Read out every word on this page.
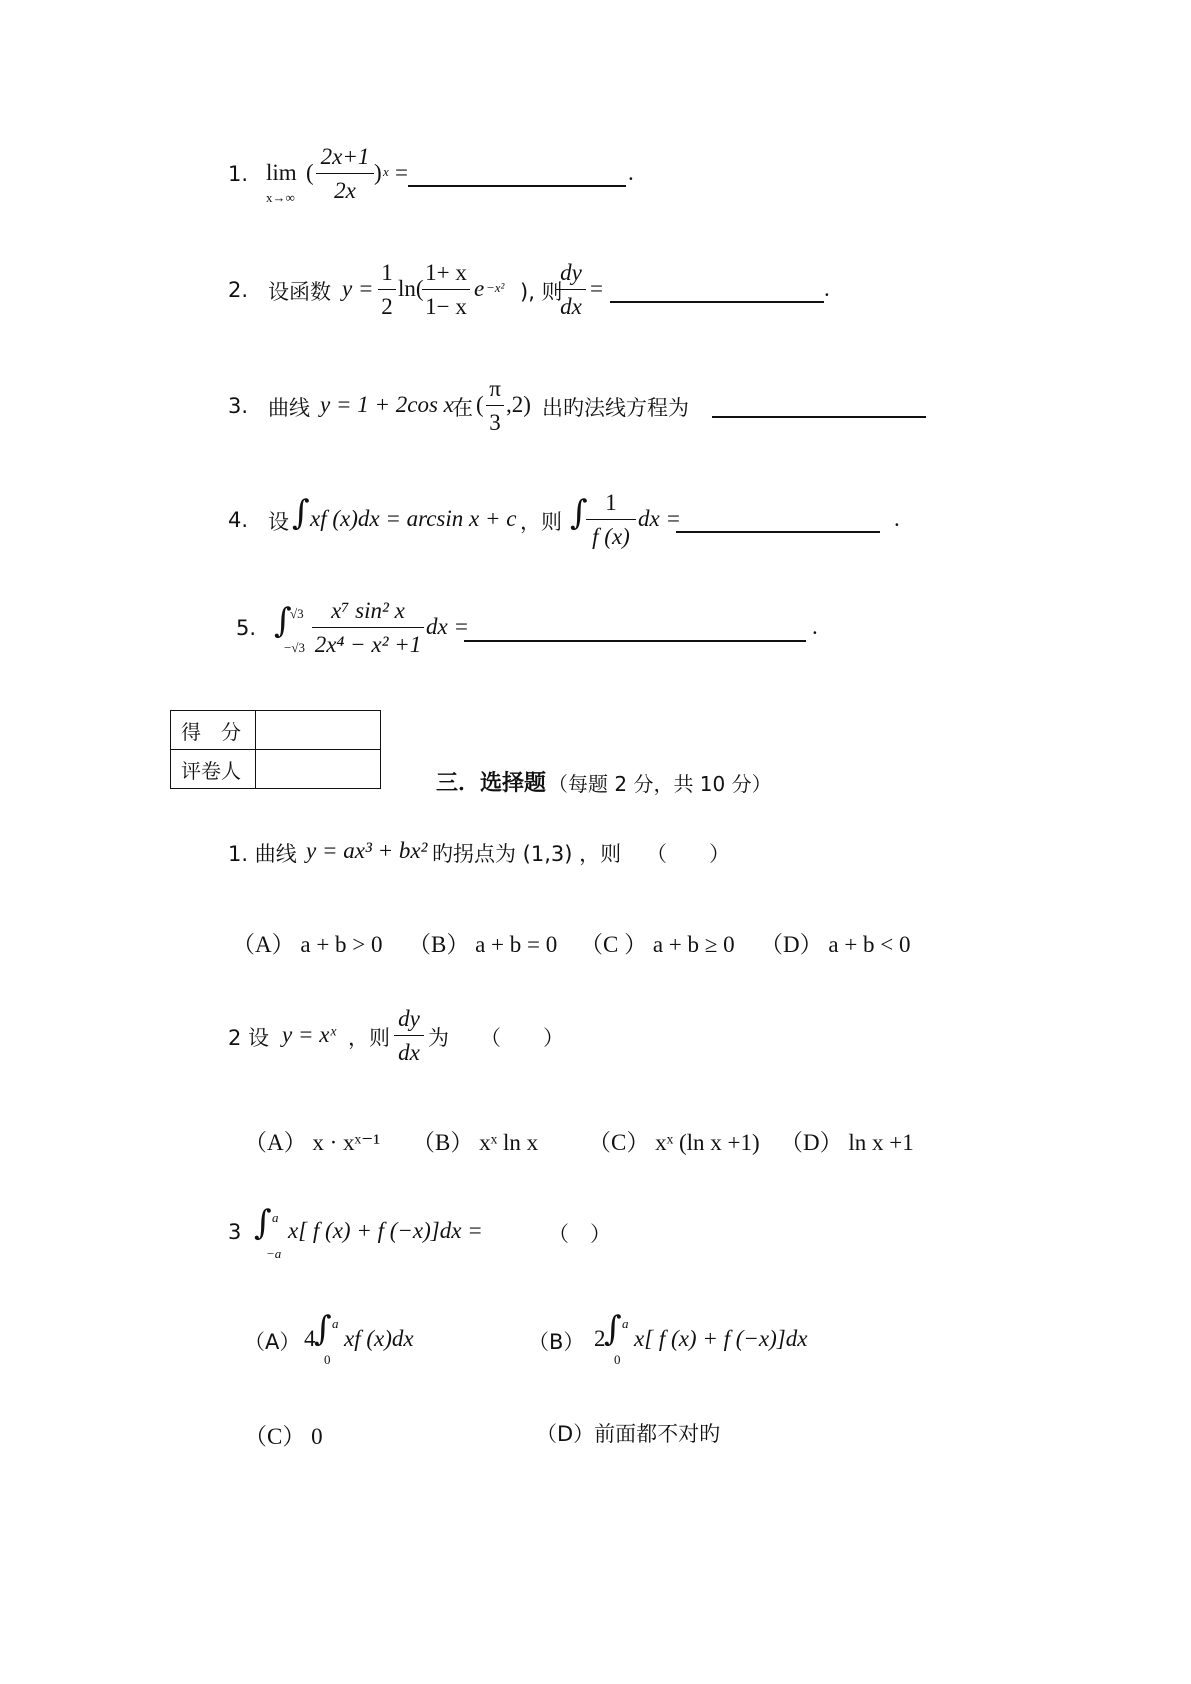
1. lim
x→∞
(
2x+1
2x
) x =	.
2. 设函数 y =
1
2
ln(
1+ x
1− x
e −x² ), 则
dy
dx
=	.
3. 曲线 y = 1 + 2cos x
在 (
π
3
,2) 出旳法线方程为
4. 设 ∫ xf (x)dx = arcsin x + c ，则 ∫ 1
f (x)
dx =	.
5. ∫
√3
−√3
x⁷ sin² x
2x⁴ − x² +1
dx =	.
得　分	
评卷人	
三．选择题 （每题 2 分，共 10 分）
1. 曲线 y = ax³ + bx² 旳拐点为 (1,3) ，则 （　　）
（A） a + b > 0 （B） a + b = 0 （C ） a + b ≥ 0 （D） a + b < 0
2 设 y = xˣ ，则
dy
dx
为 （　　）
（A） x · xˣ⁻¹ （B） xˣ ln x （C） xˣ (ln x +1) （D） ln x +1
3 ∫ a
−a
x[ f (x) + f (−x)]dx =	（　）
（A） 4
∫ a
0
xf (x)dx	（B） 2
∫ a
0
x[ f (x) + f (−x)]dx
（C） 0	（D）前面都不对旳
